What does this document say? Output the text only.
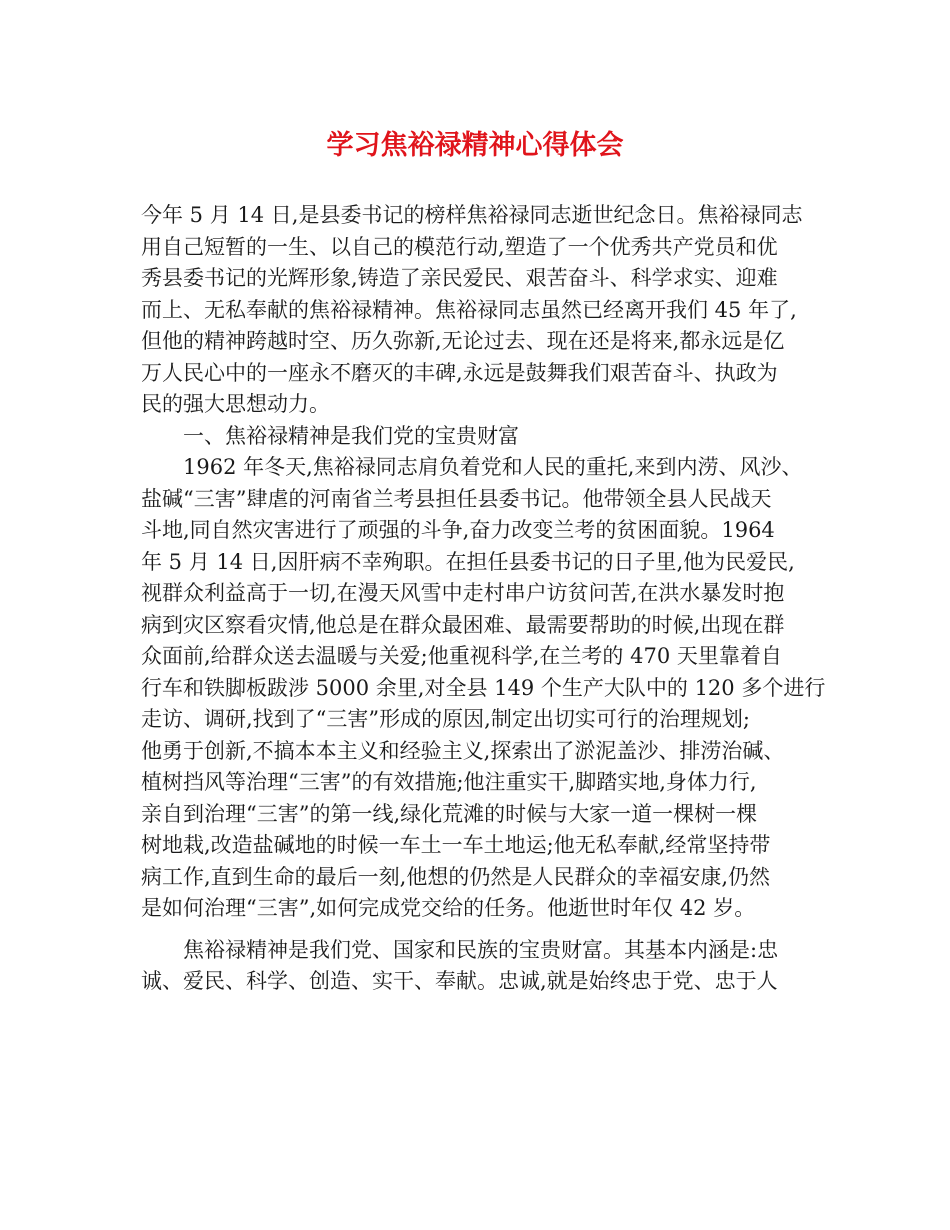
学习焦裕禄精神心得体会

今年 5 月 14 日,是县委书记的榜样焦裕禄同志逝世纪念日。焦裕禄同志

用自己短暂的一生、以自己的模范行动,塑造了一个优秀共产党员和优

秀县委书记的光辉形象,铸造了亲民爱民、艰苦奋斗、科学求实、迎难

而上、无私奉献的焦裕禄精神。焦裕禄同志虽然已经离开我们 45 年了,

但他的精神跨越时空、历久弥新,无论过去、现在还是将来,都永远是亿

万人民心中的一座永不磨灭的丰碑,永远是鼓舞我们艰苦奋斗、执政为

民的强大思想动力。

一、焦裕禄精神是我们党的宝贵财富

1962 年冬天,焦裕禄同志肩负着党和人民的重托,来到内涝、风沙、

盐碱“三害”肆虐的河南省兰考县担任县委书记。他带领全县人民战天

斗地,同自然灾害进行了顽强的斗争,奋力改变兰考的贫困面貌。1964

年 5 月 14 日,因肝病不幸殉职。在担任县委书记的日子里,他为民爱民,

视群众利益高于一切,在漫天风雪中走村串户访贫问苦,在洪水暴发时抱

病到灾区察看灾情,他总是在群众最困难、最需要帮助的时候,出现在群

众面前,给群众送去温暖与关爱;他重视科学,在兰考的 470 天里靠着自

行车和铁脚板跋涉 5000 余里,对全县 149 个生产大队中的 120 多个进行

走访、调研,找到了“三害”形成的原因,制定出切实可行的治理规划;

他勇于创新,不搞本本主义和经验主义,探索出了淤泥盖沙、排涝治碱、

植树挡风等治理“三害”的有效措施;他注重实干,脚踏实地,身体力行,

亲自到治理“三害”的第一线,绿化荒滩的时候与大家一道一棵树一棵

树地栽,改造盐碱地的时候一车土一车土地运;他无私奉献,经常坚持带

病工作,直到生命的最后一刻,他想的仍然是人民群众的幸福安康,仍然

是如何治理“三害”,如何完成党交给的任务。他逝世时年仅 42 岁。

焦裕禄精神是我们党、国家和民族的宝贵财富。其基本内涵是:忠

诚、爱民、科学、创造、实干、奉献。忠诚,就是始终忠于党、忠于人
